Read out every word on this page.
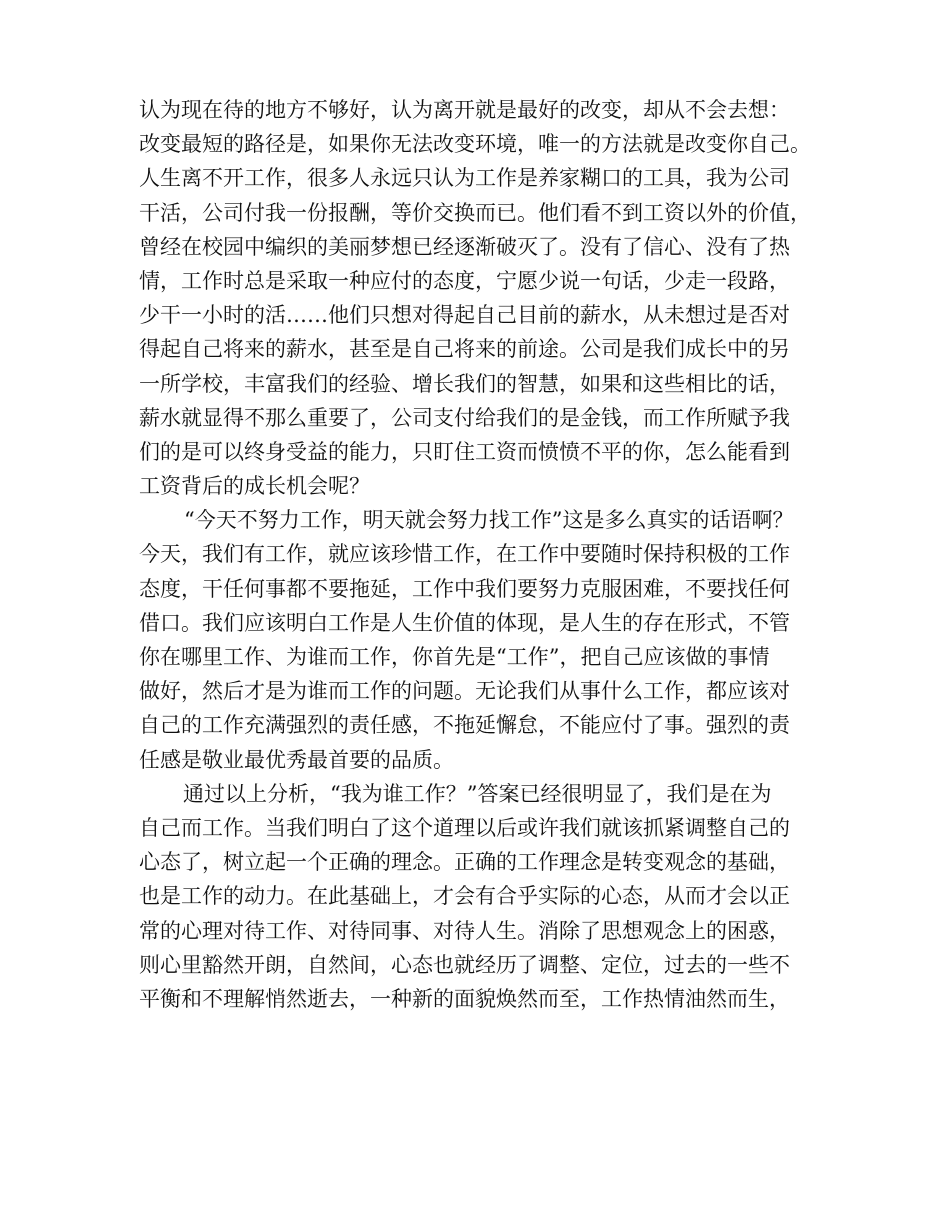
认为现在待的地方不够好，认为离开就是最好的改变，却从不会去想：
改变最短的路径是，如果你无法改变环境，唯一的方法就是改变你自己。
人生离不开工作，很多人永远只认为工作是养家糊口的工具，我为公司
干活，公司付我一份报酬，等价交换而已。他们看不到工资以外的价值，
曾经在校园中编织的美丽梦想已经逐渐破灭了。没有了信心、没有了热
情，工作时总是采取一种应付的态度，宁愿少说一句话，少走一段路，
少干一小时的活……他们只想对得起自己目前的薪水，从未想过是否对
得起自己将来的薪水，甚至是自己将来的前途。公司是我们成长中的另
一所学校，丰富我们的经验、增长我们的智慧，如果和这些相比的话，
薪水就显得不那么重要了，公司支付给我们的是金钱，而工作所赋予我
们的是可以终身受益的能力，只盯住工资而愤愤不平的你，怎么能看到
工资背后的成长机会呢？
“今天不努力工作，明天就会努力找工作”这是多么真实的话语啊？
今天，我们有工作，就应该珍惜工作，在工作中要随时保持积极的工作
态度，干任何事都不要拖延，工作中我们要努力克服困难，不要找任何
借口。我们应该明白工作是人生价值的体现，是人生的存在形式，不管
你在哪里工作、为谁而工作，你首先是“工作”，把自己应该做的事情
做好，然后才是为谁而工作的问题。无论我们从事什么工作，都应该对
自己的工作充满强烈的责任感，不拖延懈怠，不能应付了事。强烈的责
任感是敬业最优秀最首要的品质。
通过以上分析，“我为谁工作？”答案已经很明显了，我们是在为
自己而工作。当我们明白了这个道理以后或许我们就该抓紧调整自己的
心态了，树立起一个正确的理念。正确的工作理念是转变观念的基础，
也是工作的动力。在此基础上，才会有合乎实际的心态，从而才会以正
常的心理对待工作、对待同事、对待人生。消除了思想观念上的困惑，
则心里豁然开朗，自然间，心态也就经历了调整、定位，过去的一些不
平衡和不理解悄然逝去，一种新的面貌焕然而至，工作热情油然而生，
